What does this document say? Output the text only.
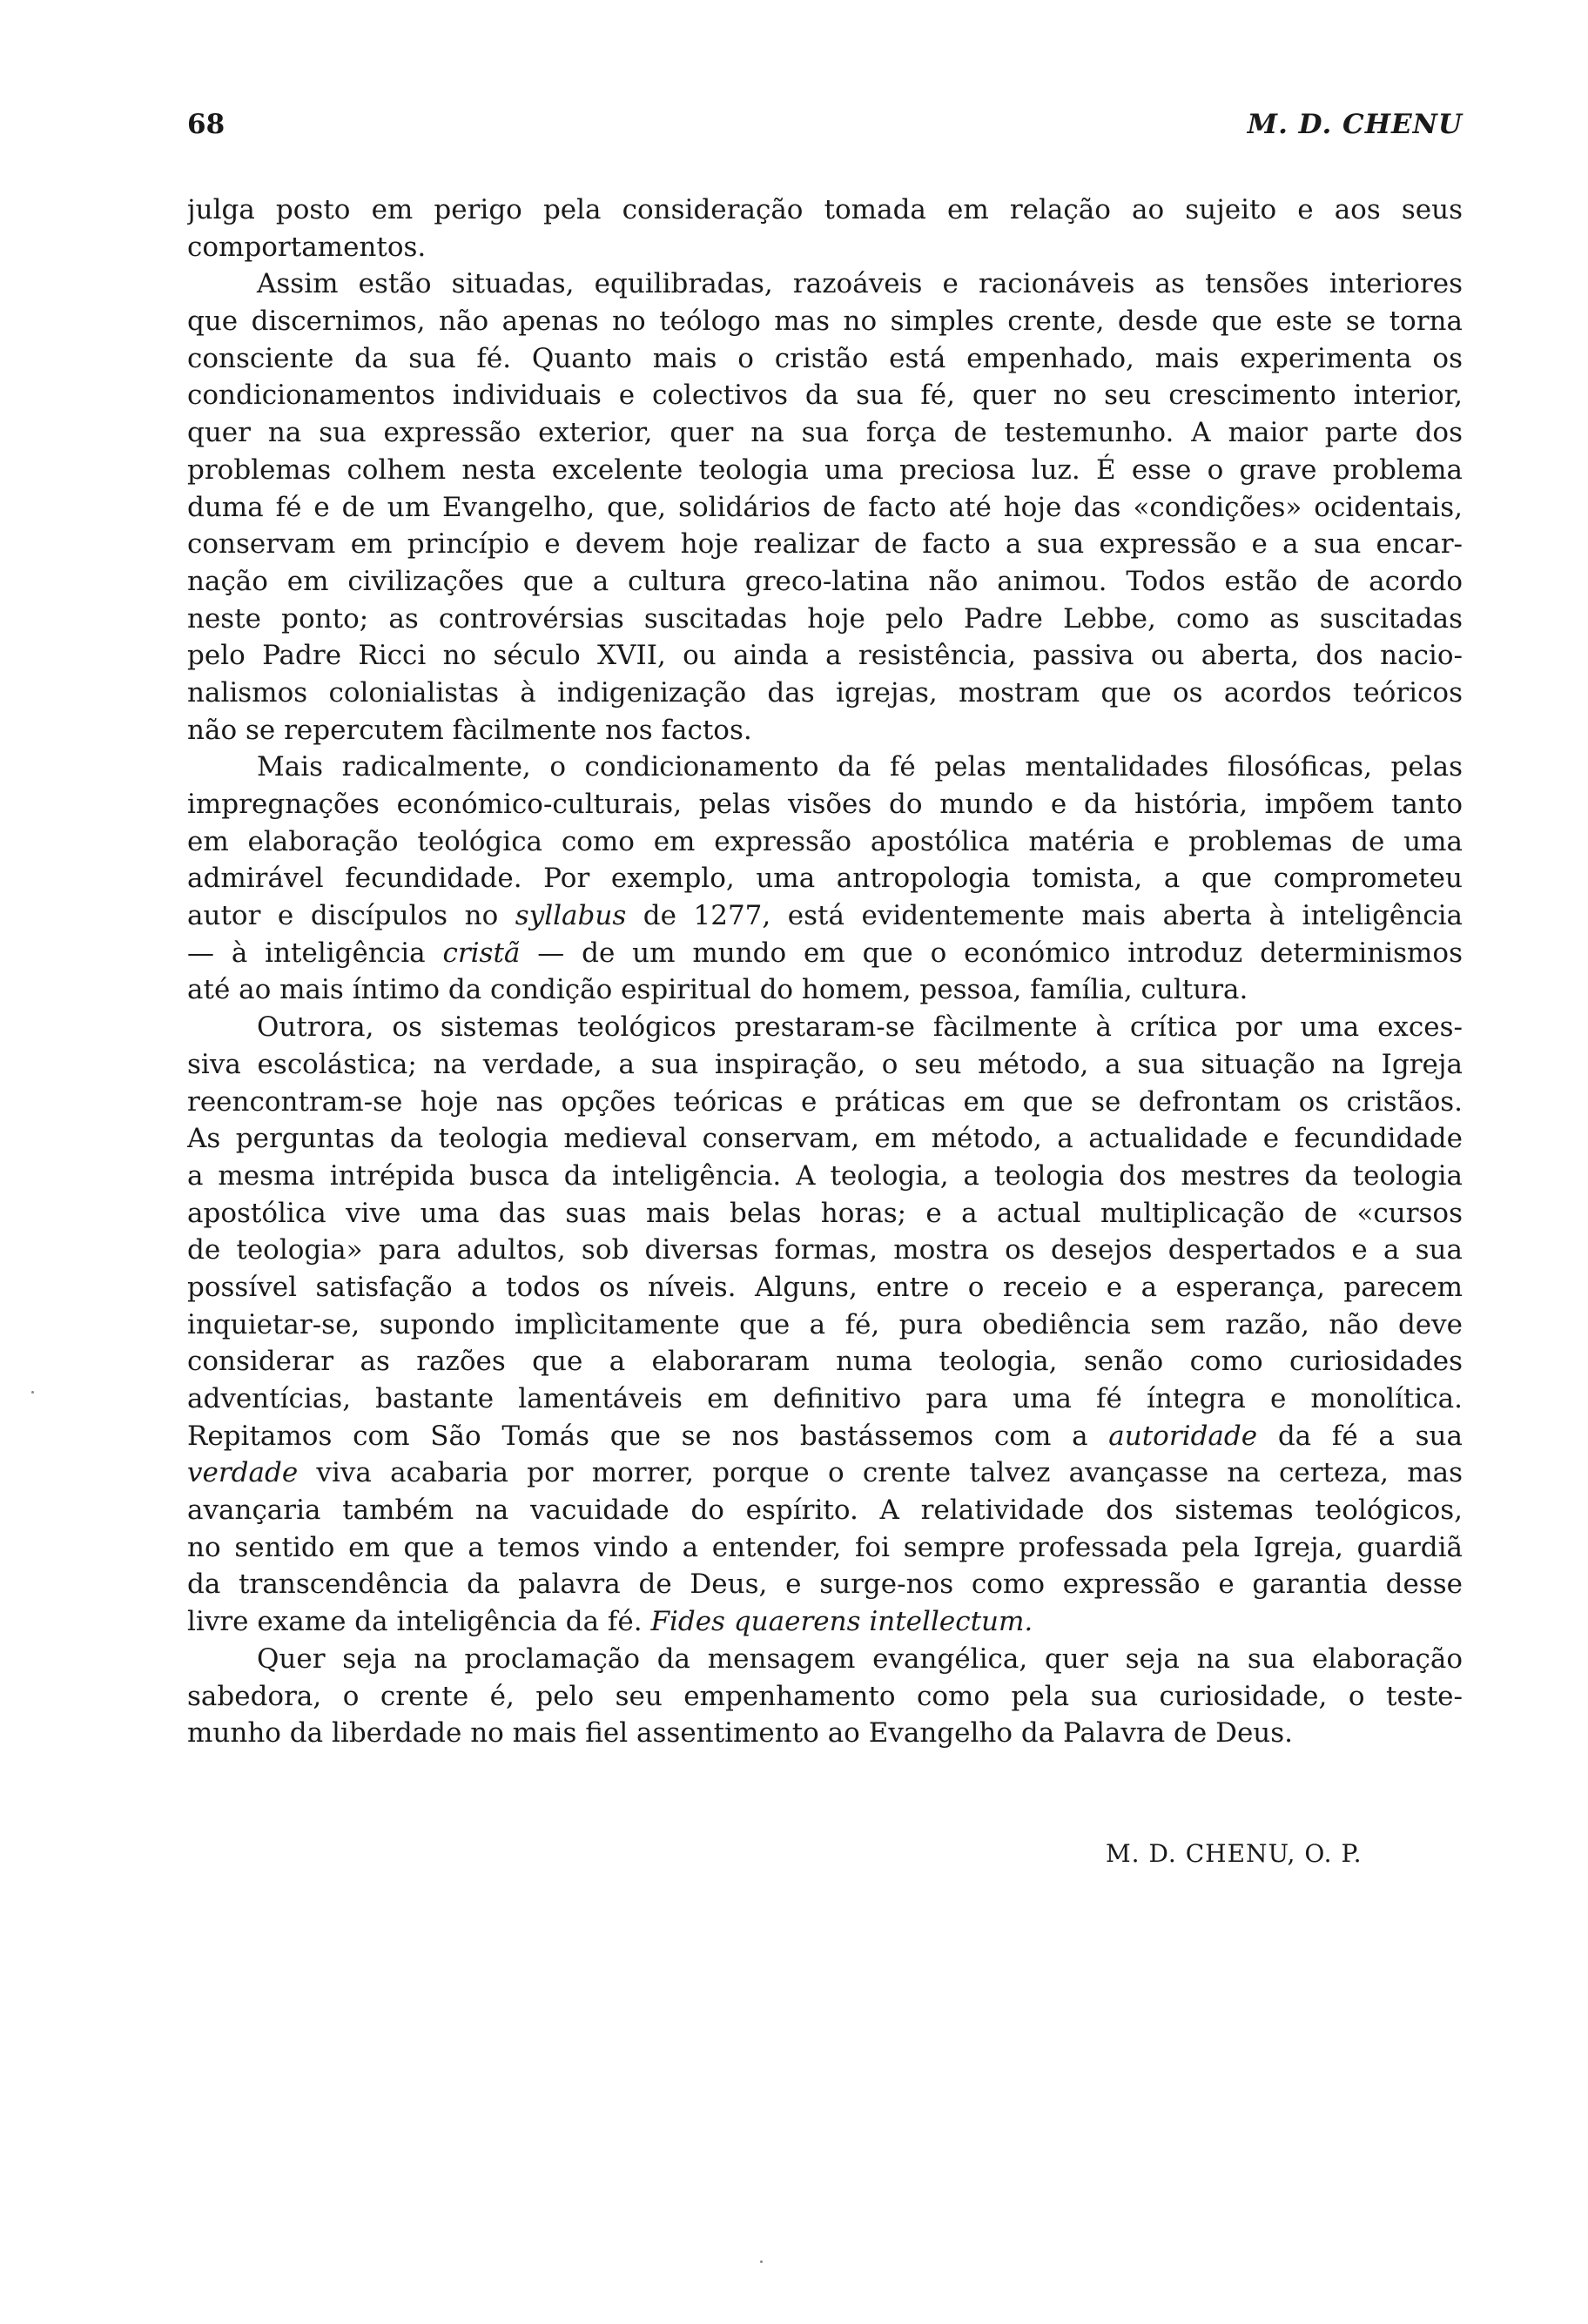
68	M. D. CHENU
julga posto em perigo pela consideração tomada em relação ao sujeito e aos seus
comportamentos.
Assim estão situadas, equilibradas, razoáveis e racionáveis as tensões interiores
que discernimos, não apenas no teólogo mas no simples crente, desde que este se torna
consciente da sua fé. Quanto mais o cristão está empenhado, mais experimenta os
condicionamentos individuais e colectivos da sua fé, quer no seu crescimento interior,
quer na sua expressão exterior, quer na sua força de testemunho. A maior parte dos
problemas colhem nesta excelente teologia uma preciosa luz. É esse o grave problema
duma fé e de um Evangelho, que, solidários de facto até hoje das «condições» ocidentais,
conservam em princípio e devem hoje realizar de facto a sua expressão e a sua encar-
nação em civilizações que a cultura greco-latina não animou. Todos estão de acordo
neste ponto; as controvérsias suscitadas hoje pelo Padre Lebbe, como as suscitadas
pelo Padre Ricci no século XVII, ou ainda a resistência, passiva ou aberta, dos nacio-
nalismos colonialistas à indigenização das igrejas, mostram que os acordos teóricos
não se repercutem fàcilmente nos factos.
Mais radicalmente, o condicionamento da fé pelas mentalidades filosóficas, pelas
impregnações económico-culturais, pelas visões do mundo e da história, impõem tanto
em elaboração teológica como em expressão apostólica matéria e problemas de uma
admirável fecundidade. Por exemplo, uma antropologia tomista, a que comprometeu
autor e discípulos no syllabus de 1277, está evidentemente mais aberta à inteligência
— à inteligência cristã — de um mundo em que o económico introduz determinismos
até ao mais íntimo da condição espiritual do homem, pessoa, família, cultura.
Outrora, os sistemas teológicos prestaram-se fàcilmente à crítica por uma exces-
siva escolástica; na verdade, a sua inspiração, o seu método, a sua situação na Igreja
reencontram-se hoje nas opções teóricas e práticas em que se defrontam os cristãos.
As perguntas da teologia medieval conservam, em método, a actualidade e fecundidade
a mesma intrépida busca da inteligência. A teologia, a teologia dos mestres da teologia
apostólica vive uma das suas mais belas horas; e a actual multiplicação de «cursos
de teologia» para adultos, sob diversas formas, mostra os desejos despertados e a sua
possível satisfação a todos os níveis. Alguns, entre o receio e a esperança, parecem
inquietar-se, supondo implìcitamente que a fé, pura obediência sem razão, não deve
considerar as razões que a elaboraram numa teologia, senão como curiosidades
adventícias, bastante lamentáveis em definitivo para uma fé íntegra e monolítica.
Repitamos com São Tomás que se nos bastássemos com a autoridade da fé a sua
verdade viva acabaria por morrer, porque o crente talvez avançasse na certeza, mas
avançaria também na vacuidade do espírito. A relatividade dos sistemas teológicos,
no sentido em que a temos vindo a entender, foi sempre professada pela Igreja, guardiã
da transcendência da palavra de Deus, e surge-nos como expressão e garantia desse
livre exame da inteligência da fé. Fides quaerens intellectum.
Quer seja na proclamação da mensagem evangélica, quer seja na sua elaboração
sabedora, o crente é, pelo seu empenhamento como pela sua curiosidade, o teste-
munho da liberdade no mais fiel assentimento ao Evangelho da Palavra de Deus.
M. D. CHENU, O. P.
